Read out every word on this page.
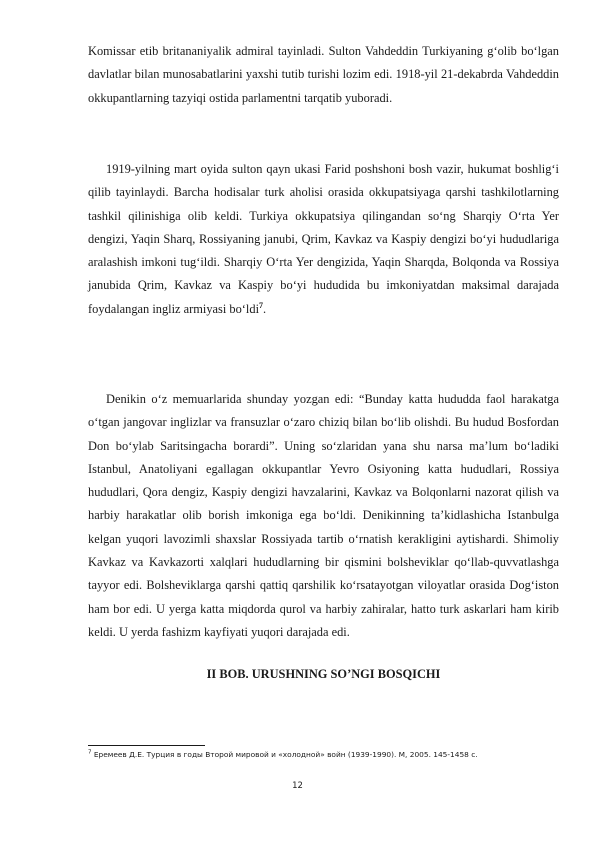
Komissar etib britananiyalik admiral tayinladi. Sulton Vahdeddin Turkiyaning g‘olib bo‘lgan davlatlar bilan munosabatlarini yaxshi tutib turishi lozim edi. 1918-yil 21-dekabrda Vahdeddin okkupantlarning tazyiqi ostida parlamentni tarqatib yuboradi.

1919-yilning mart oyida sulton qayn ukasi Farid poshshoni bosh vazir, hukumat boshlig‘i qilib tayinlaydi. Barcha hodisalar turk aholisi orasida okkupatsiyaga qarshi tashkilotlarning tashkil qilinishiga olib keldi. Turkiya okkupatsiya qilingandan so‘ng Sharqiy O‘rta Yer dengizi, Yaqin Sharq, Rossiyaning janubi, Qrim, Kavkaz va Kaspiy dengizi bo‘yi hududlariga aralashish imkoni tug‘ildi. Sharqiy O‘rta Yer dengizida, Yaqin Sharqda, Bolqonda va Rossiya janubida Qrim, Kavkaz va Kaspiy bo‘yi hududida bu imkoniyatdan maksimal darajada foydalangan ingliz armiyasi bo‘ldi$^7$.

Denikin o‘z memuarlarida shunday yozgan edi: “Bunday katta hududda faol harakatga o‘tgan jangovar inglizlar va fransuzlar o‘zaro chiziq bilan bo‘lib olishdi. Bu hudud Bosfordan Don bo‘ylab Saritsingacha borardi”. Uning so‘zlaridan yana shu narsa ma’lum bo‘ladiki Istanbul, Anatoliyani egallagan okkupantlar Yevro Osiyoning katta hududlari, Rossiya hududlari, Qora dengiz, Kaspiy dengizi havzalarini, Kavkaz va Bolqonlarni nazorat qilish va harbiy harakatlar olib borish imkoniga ega bo‘ldi. Denikinning ta’kidlashicha Istanbulga kelgan yuqori lavozimli shaxslar Rossiyada tartib o‘rnatish kerakligini aytishardi. Shimoliy Kavkaz va Kavkazorti xalqlari hududlarning bir qismini bolsheviklar qo‘llab-quvvatlashga tayyor edi. Bolsheviklarga qarshi qattiq qarshilik ko‘rsatayotgan viloyatlar orasida Dog‘iston ham bor edi. U yerga katta miqdorda qurol va harbiy zahiralar, hatto turk askarlari ham kirib keldi. U yerda fashizm kayfiyati yuqori darajada edi.

II BOB. URUSHNING SO’NGI BOSQICHI

$^7$ Еремеев Д.Е. Турция в годы Второй мировой и «холодной» войн (1939-1990). М, 2005. 145-1458 с.

12
